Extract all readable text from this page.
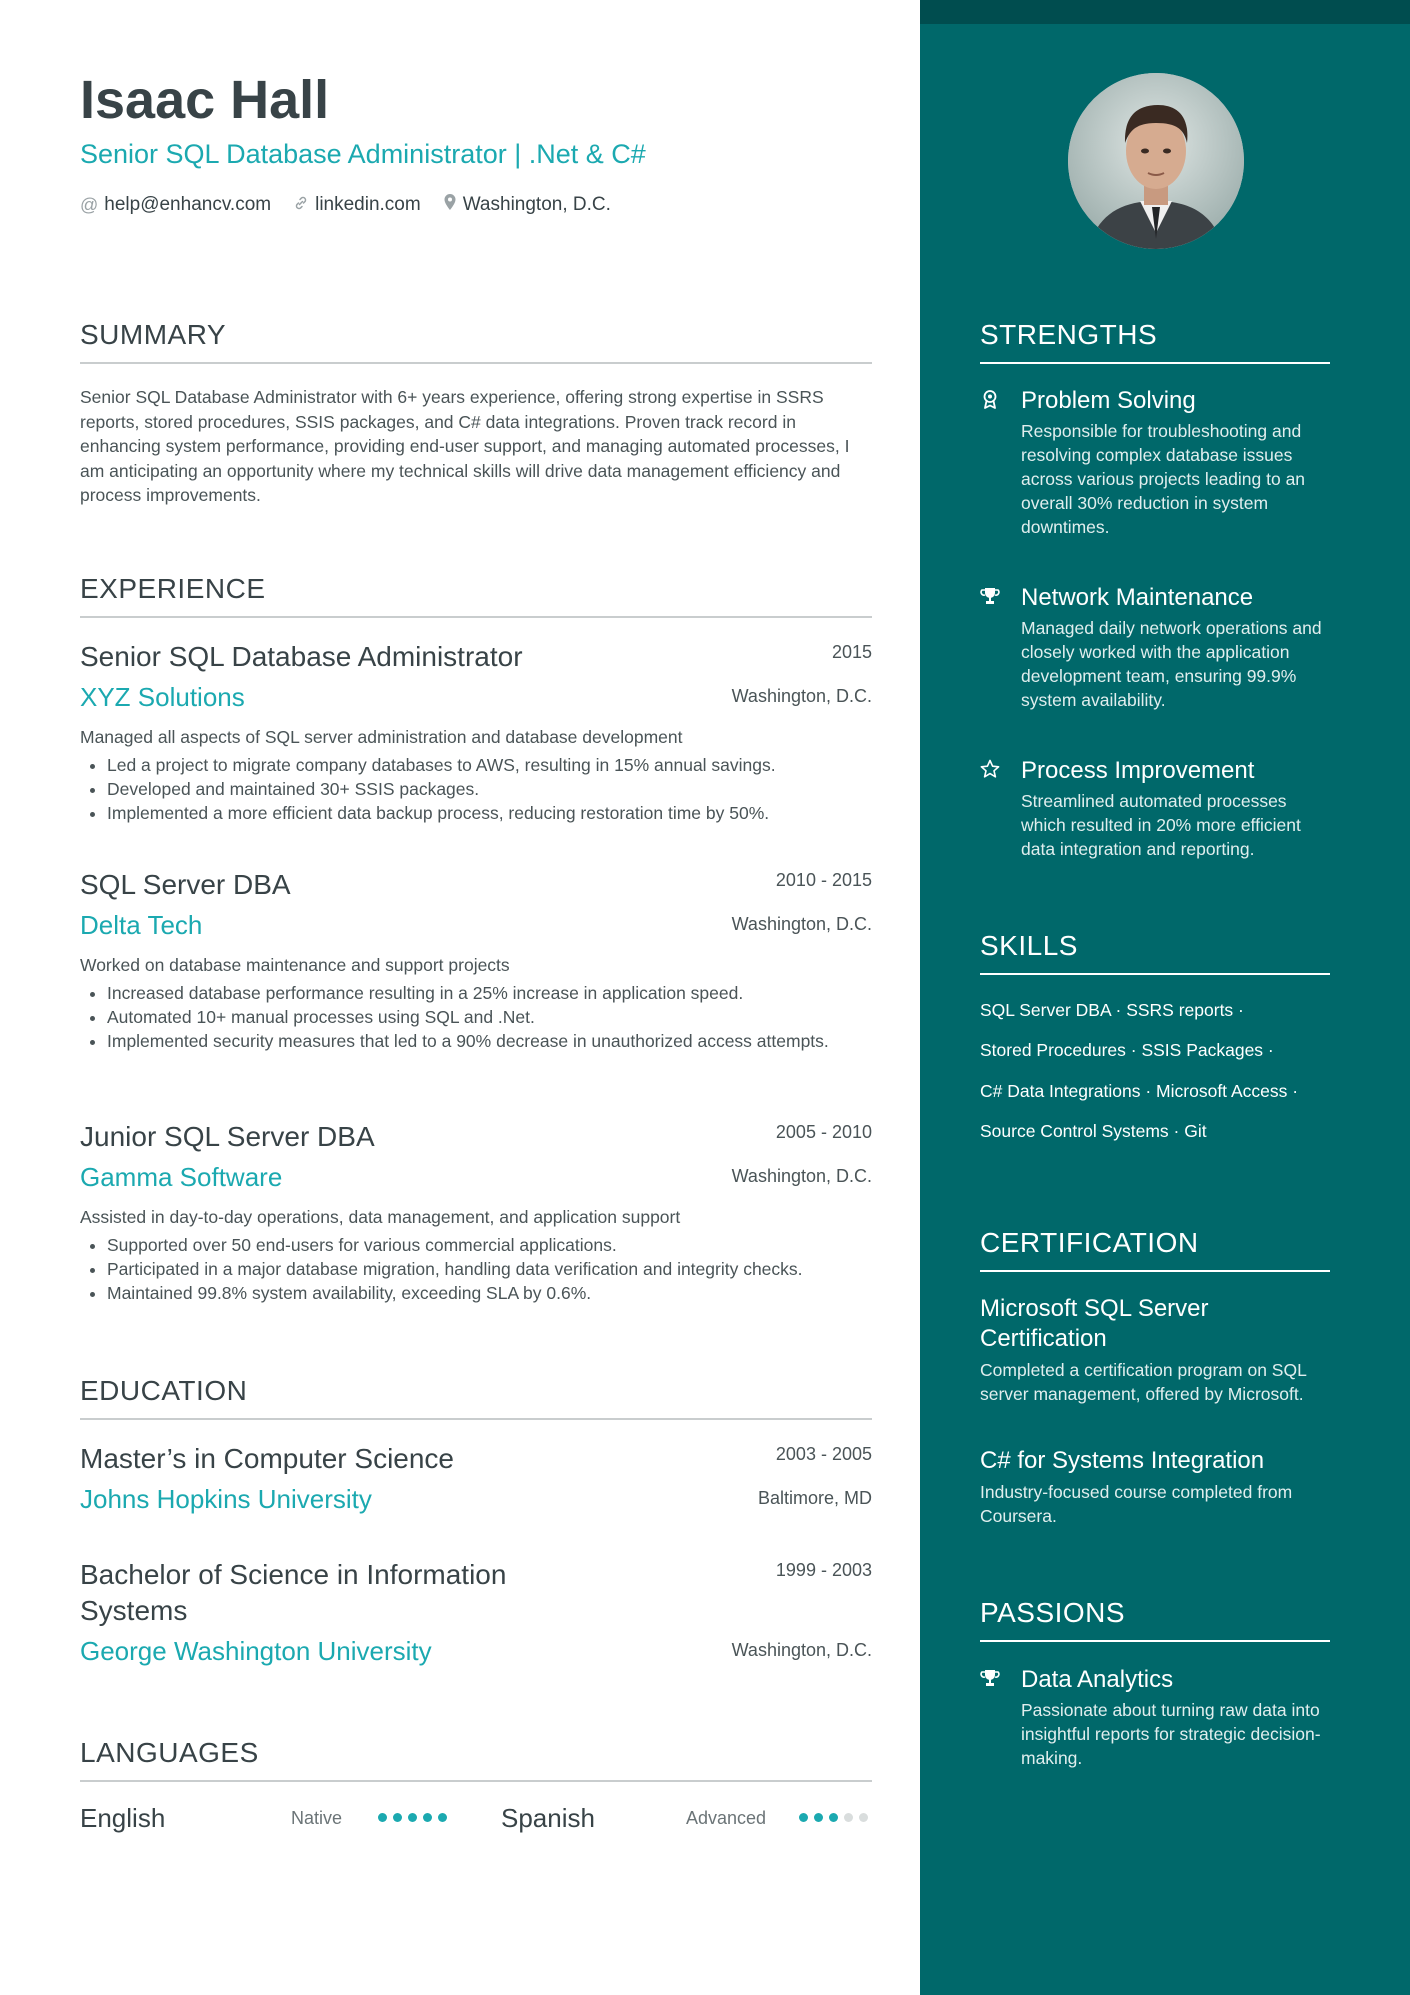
Isaac Hall
Senior SQL Database Administrator | .Net & C#
@ help@enhancv.com linkedin.com Washington, D.C.
SUMMARY

Senior SQL Database Administrator with 6+ years experience, offering strong expertise in SSRS reports, stored procedures, SSIS packages, and C# data integrations. Proven track record in enhancing system performance, providing end-user support, and managing automated processes, I am anticipating an opportunity where my technical skills will drive data management efficiency and process improvements.

EXPERIENCE
Senior SQL Database Administrator	2015
XYZ Solutions	Washington, D.C.
Managed all aspects of SQL server administration and database development
• Led a project to migrate company databases to AWS, resulting in 15% annual savings.
• Developed and maintained 30+ SSIS packages.
• Implemented a more efficient data backup process, reducing restoration time by 50%.
SQL Server DBA	2010 - 2015
Delta Tech	Washington, D.C.
Worked on database maintenance and support projects
• Increased database performance resulting in a 25% increase in application speed.
• Automated 10+ manual processes using SQL and .Net.
• Implemented security measures that led to a 90% decrease in unauthorized access attempts.
Junior SQL Server DBA	2005 - 2010
Gamma Software	Washington, D.C.
Assisted in day-to-day operations, data management, and application support
• Supported over 50 end-users for various commercial applications.
• Participated in a major database migration, handling data verification and integrity checks.
• Maintained 99.8% system availability, exceeding SLA by 0.6%.
EDUCATION
Master’s in Computer Science	2003 - 2005
Johns Hopkins University	Baltimore, MD
Bachelor of Science in Information Systems
1999 - 2003
George Washington University	Washington, D.C.
LANGUAGES
English	Native	Spanish	Advanced
STRENGTHS
Problem Solving
Responsible for troubleshooting and resolving complex database issues across various projects leading to an overall 30% reduction in system downtimes.
Network Maintenance
Managed daily network operations and closely worked with the application development team, ensuring 99.9% system availability.
Process Improvement
Streamlined automated processes which resulted in 20% more efficient data integration and reporting.
SKILLS
SQL Server DBA · SSRS reports ·
Stored Procedures · SSIS Packages ·
C# Data Integrations · Microsoft Access ·
Source Control Systems · Git
CERTIFICATION
Microsoft SQL Server Certification
Completed a certification program on SQL server management, offered by Microsoft.
C# for Systems Integration
Industry-focused course completed from Coursera.
PASSIONS
Data Analytics
Passionate about turning raw data into insightful reports for strategic decision-making.
